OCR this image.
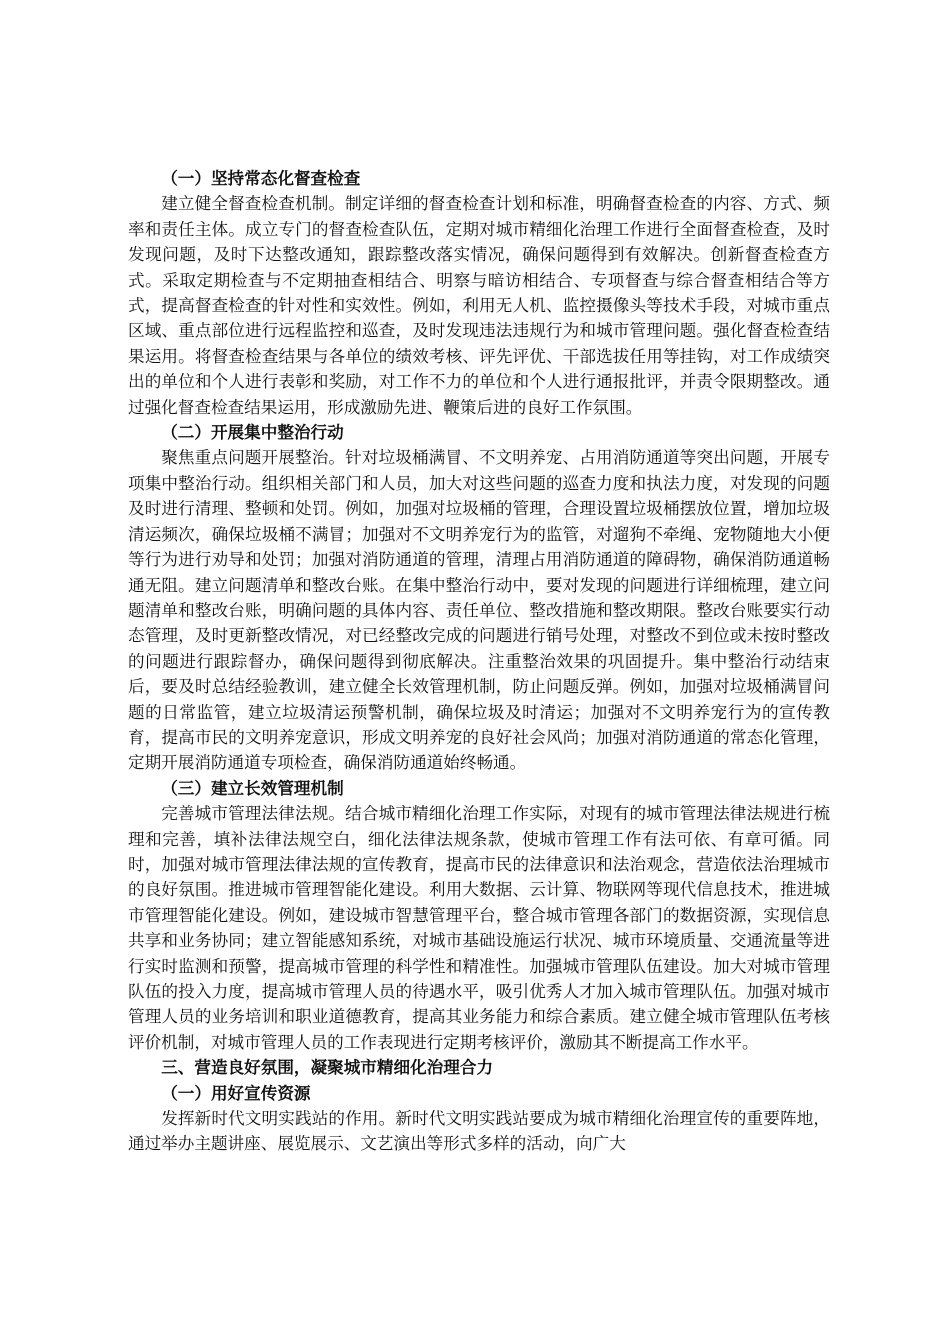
（一）坚持常态化督查检查

建立健全督查检查机制。制定详细的督查检查计划和标准，明确督查检查的内容、方式、频率和责任主体。成立专门的督查检查队伍，定期对城市精细化治理工作进行全面督查检查，及时发现问题，及时下达整改通知，跟踪整改落实情况，确保问题得到有效解决。创新督查检查方式。采取定期检查与不定期抽查相结合、明察与暗访相结合、专项督查与综合督查相结合等方式，提高督查检查的针对性和实效性。例如，利用无人机、监控摄像头等技术手段，对城市重点区域、重点部位进行远程监控和巡查，及时发现违法违规行为和城市管理问题。强化督查检查结果运用。将督查检查结果与各单位的绩效考核、评先评优、干部选拔任用等挂钩，对工作成绩突出的单位和个人进行表彰和奖励，对工作不力的单位和个人进行通报批评，并责令限期整改。通过强化督查检查结果运用，形成激励先进、鞭策后进的良好工作氛围。

（二）开展集中整治行动

聚焦重点问题开展整治。针对垃圾桶满冒、不文明养宠、占用消防通道等突出问题，开展专项集中整治行动。组织相关部门和人员，加大对这些问题的巡查力度和执法力度，对发现的问题及时进行清理、整顿和处罚。例如，加强对垃圾桶的管理，合理设置垃圾桶摆放位置，增加垃圾清运频次，确保垃圾桶不满冒；加强对不文明养宠行为的监管，对遛狗不牵绳、宠物随地大小便等行为进行劝导和处罚；加强对消防通道的管理，清理占用消防通道的障碍物，确保消防通道畅通无阻。建立问题清单和整改台账。在集中整治行动中，要对发现的问题进行详细梳理，建立问题清单和整改台账，明确问题的具体内容、责任单位、整改措施和整改期限。整改台账要实行动态管理，及时更新整改情况，对已经整改完成的问题进行销号处理，对整改不到位或未按时整改的问题进行跟踪督办，确保问题得到彻底解决。注重整治效果的巩固提升。集中整治行动结束后，要及时总结经验教训，建立健全长效管理机制，防止问题反弹。例如，加强对垃圾桶满冒问题的日常监管，建立垃圾清运预警机制，确保垃圾及时清运；加强对不文明养宠行为的宣传教育，提高市民的文明养宠意识，形成文明养宠的良好社会风尚；加强对消防通道的常态化管理，定期开展消防通道专项检查，确保消防通道始终畅通。

（三）建立长效管理机制

完善城市管理法律法规。结合城市精细化治理工作实际，对现有的城市管理法律法规进行梳理和完善，填补法律法规空白，细化法律法规条款，使城市管理工作有法可依、有章可循。同时，加强对城市管理法律法规的宣传教育，提高市民的法律意识和法治观念，营造依法治理城市的良好氛围。推进城市管理智能化建设。利用大数据、云计算、物联网等现代信息技术，推进城市管理智能化建设。例如，建设城市智慧管理平台，整合城市管理各部门的数据资源，实现信息共享和业务协同；建立智能感知系统，对城市基础设施运行状况、城市环境质量、交通流量等进行实时监测和预警，提高城市管理的科学性和精准性。加强城市管理队伍建设。加大对城市管理队伍的投入力度，提高城市管理人员的待遇水平，吸引优秀人才加入城市管理队伍。加强对城市管理人员的业务培训和职业道德教育，提高其业务能力和综合素质。建立健全城市管理队伍考核评价机制，对城市管理人员的工作表现进行定期考核评价，激励其不断提高工作水平。

三、营造良好氛围，凝聚城市精细化治理合力

（一）用好宣传资源

发挥新时代文明实践站的作用。新时代文明实践站要成为城市精细化治理宣传的重要阵地，通过举办主题讲座、展览展示、文艺演出等形式多样的活动，向广大
